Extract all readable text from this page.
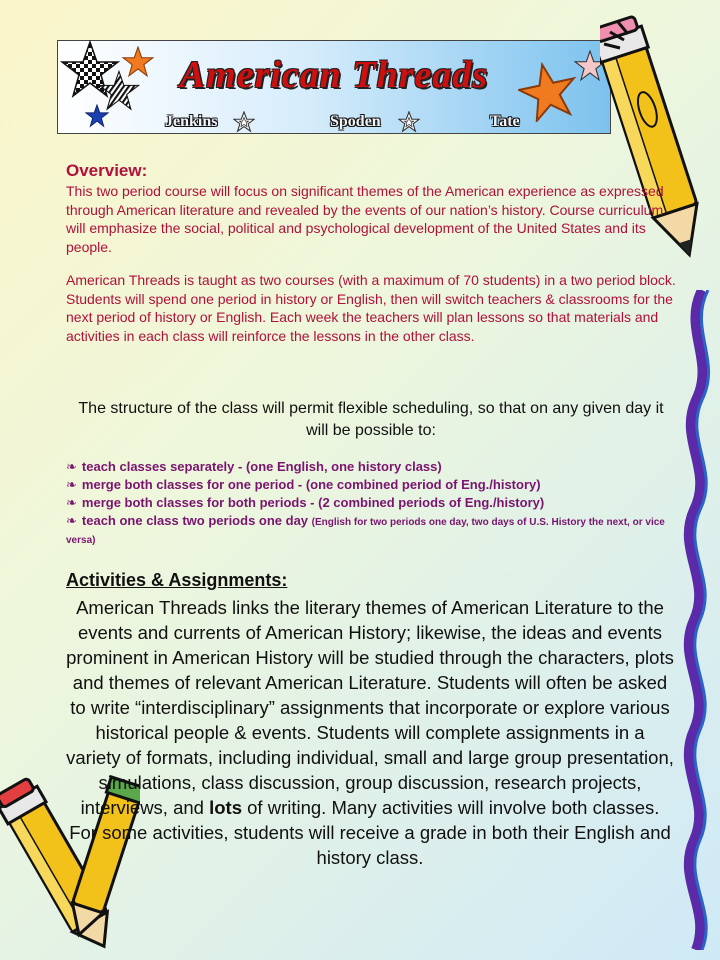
American Threads
Jenkins	Spoden	Tate
Overview:
This two period course will focus on significant themes of the American experience as expressed through American literature and revealed by the events of our nation’s history. Course curriculum will emphasize the social, political and psychological development of the United States and its people.
American Threads is taught as two courses (with a maximum of 70 students) in a two period block. Students will spend one period in history or English, then will switch teachers & classrooms for the next period of history or English. Each week the teachers will plan lessons so that materials and activities in each class will reinforce the lessons in the other class.
The structure of the class will permit flexible scheduling, so that on any given day it will be possible to:
❧ teach classes separately - (one English, one history class)
❧ merge both classes for one period - (one combined period of Eng./history)
❧ merge both classes for both periods - (2 combined periods of Eng./history)
❧ teach one class two periods one day (English for two periods one day, two days of U.S. History the next, or vice versa)
Activities & Assignments:
American Threads links the literary themes of American Literature to the events and currents of American History; likewise, the ideas and events prominent in American History will be studied through the characters, plots and themes of relevant American Literature. Students will often be asked to write “interdisciplinary” assignments that incorporate or explore various historical people & events. Students will complete assignments in a variety of formats, including individual, small and large group presentation, simulations, class discussion, group discussion, research projects, interviews, and lots of writing. Many activities will involve both classes. For some activities, students will receive a grade in both their English and history class.
